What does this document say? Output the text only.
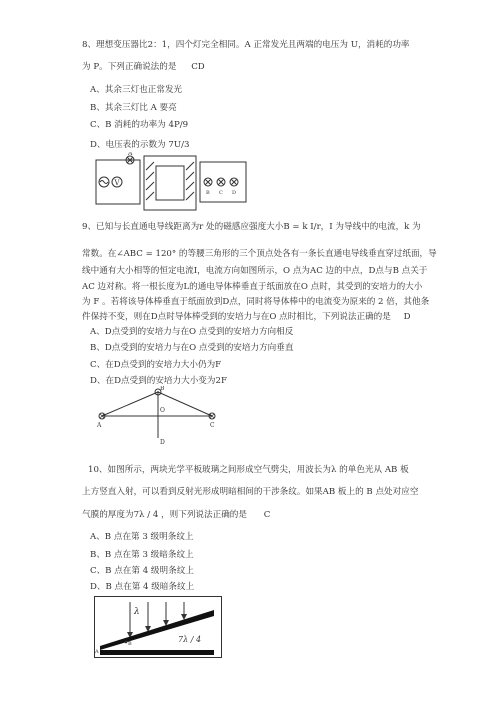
8、理想变压器比2：1，四个灯完全相同。A 正常发光且两端的电压为 U，消耗的功率
为 P。下列正确说法的是 CD
A、其余三灯也正常发光
B、其余三灯比 A 要亮
C、B 消耗的功率为 4P/9
D、电压表的示数为 7U/3
V
A
B C D
9、已知与长直通电导线距离为r 处的磁感应强度大小B = k I/r，I 为导线中的电流，k 为
常数。在∠ABC = 120° 的等腰三角形的三个顶点处各有一条长直通电导线垂直穿过纸面，导
线中通有大小相等的恒定电流I，电流方向如图所示，O 点为AC 边的中点，D点与B 点关于
AC 边对称。将一根长度为L的通电导体棒垂直于纸面放在O 点时，其受到的安培力的大小
为 F 。若将该导体棒垂直于纸面放到D点，同时将导体棒中的电流变为原来的 2 倍，其他条
件保持不变，则在D点时导体棒受到的安培力与在O 点时相比，下列说法正确的是 D
A、D点受到的安培力与在O 点受到的安培力方向相反
B、D点受到的安培力与在O 点受到的安培力方向垂直
C、在D点受到的安培力大小仍为F
D、在D点受到的安培力大小变为2F
A
B
C
O
D
10、如图所示，两块光学平板玻璃之间形成空气劈尖，用波长为λ 的单色光从 AB 板
上方竖直入射，可以看到反射光形成明暗相间的干涉条纹。如果AB 板上的 B 点处对应空
气膜的厚度为7λ / 4 ，则下列说法正确的是 C
A、B 点在第 3 级明条纹上
B、B 点在第 3 级暗条纹上
C、B 点在第 4 级明条纹上
D、B 点在第 4 级暗条纹上
λ
A
B	7λ / 4
